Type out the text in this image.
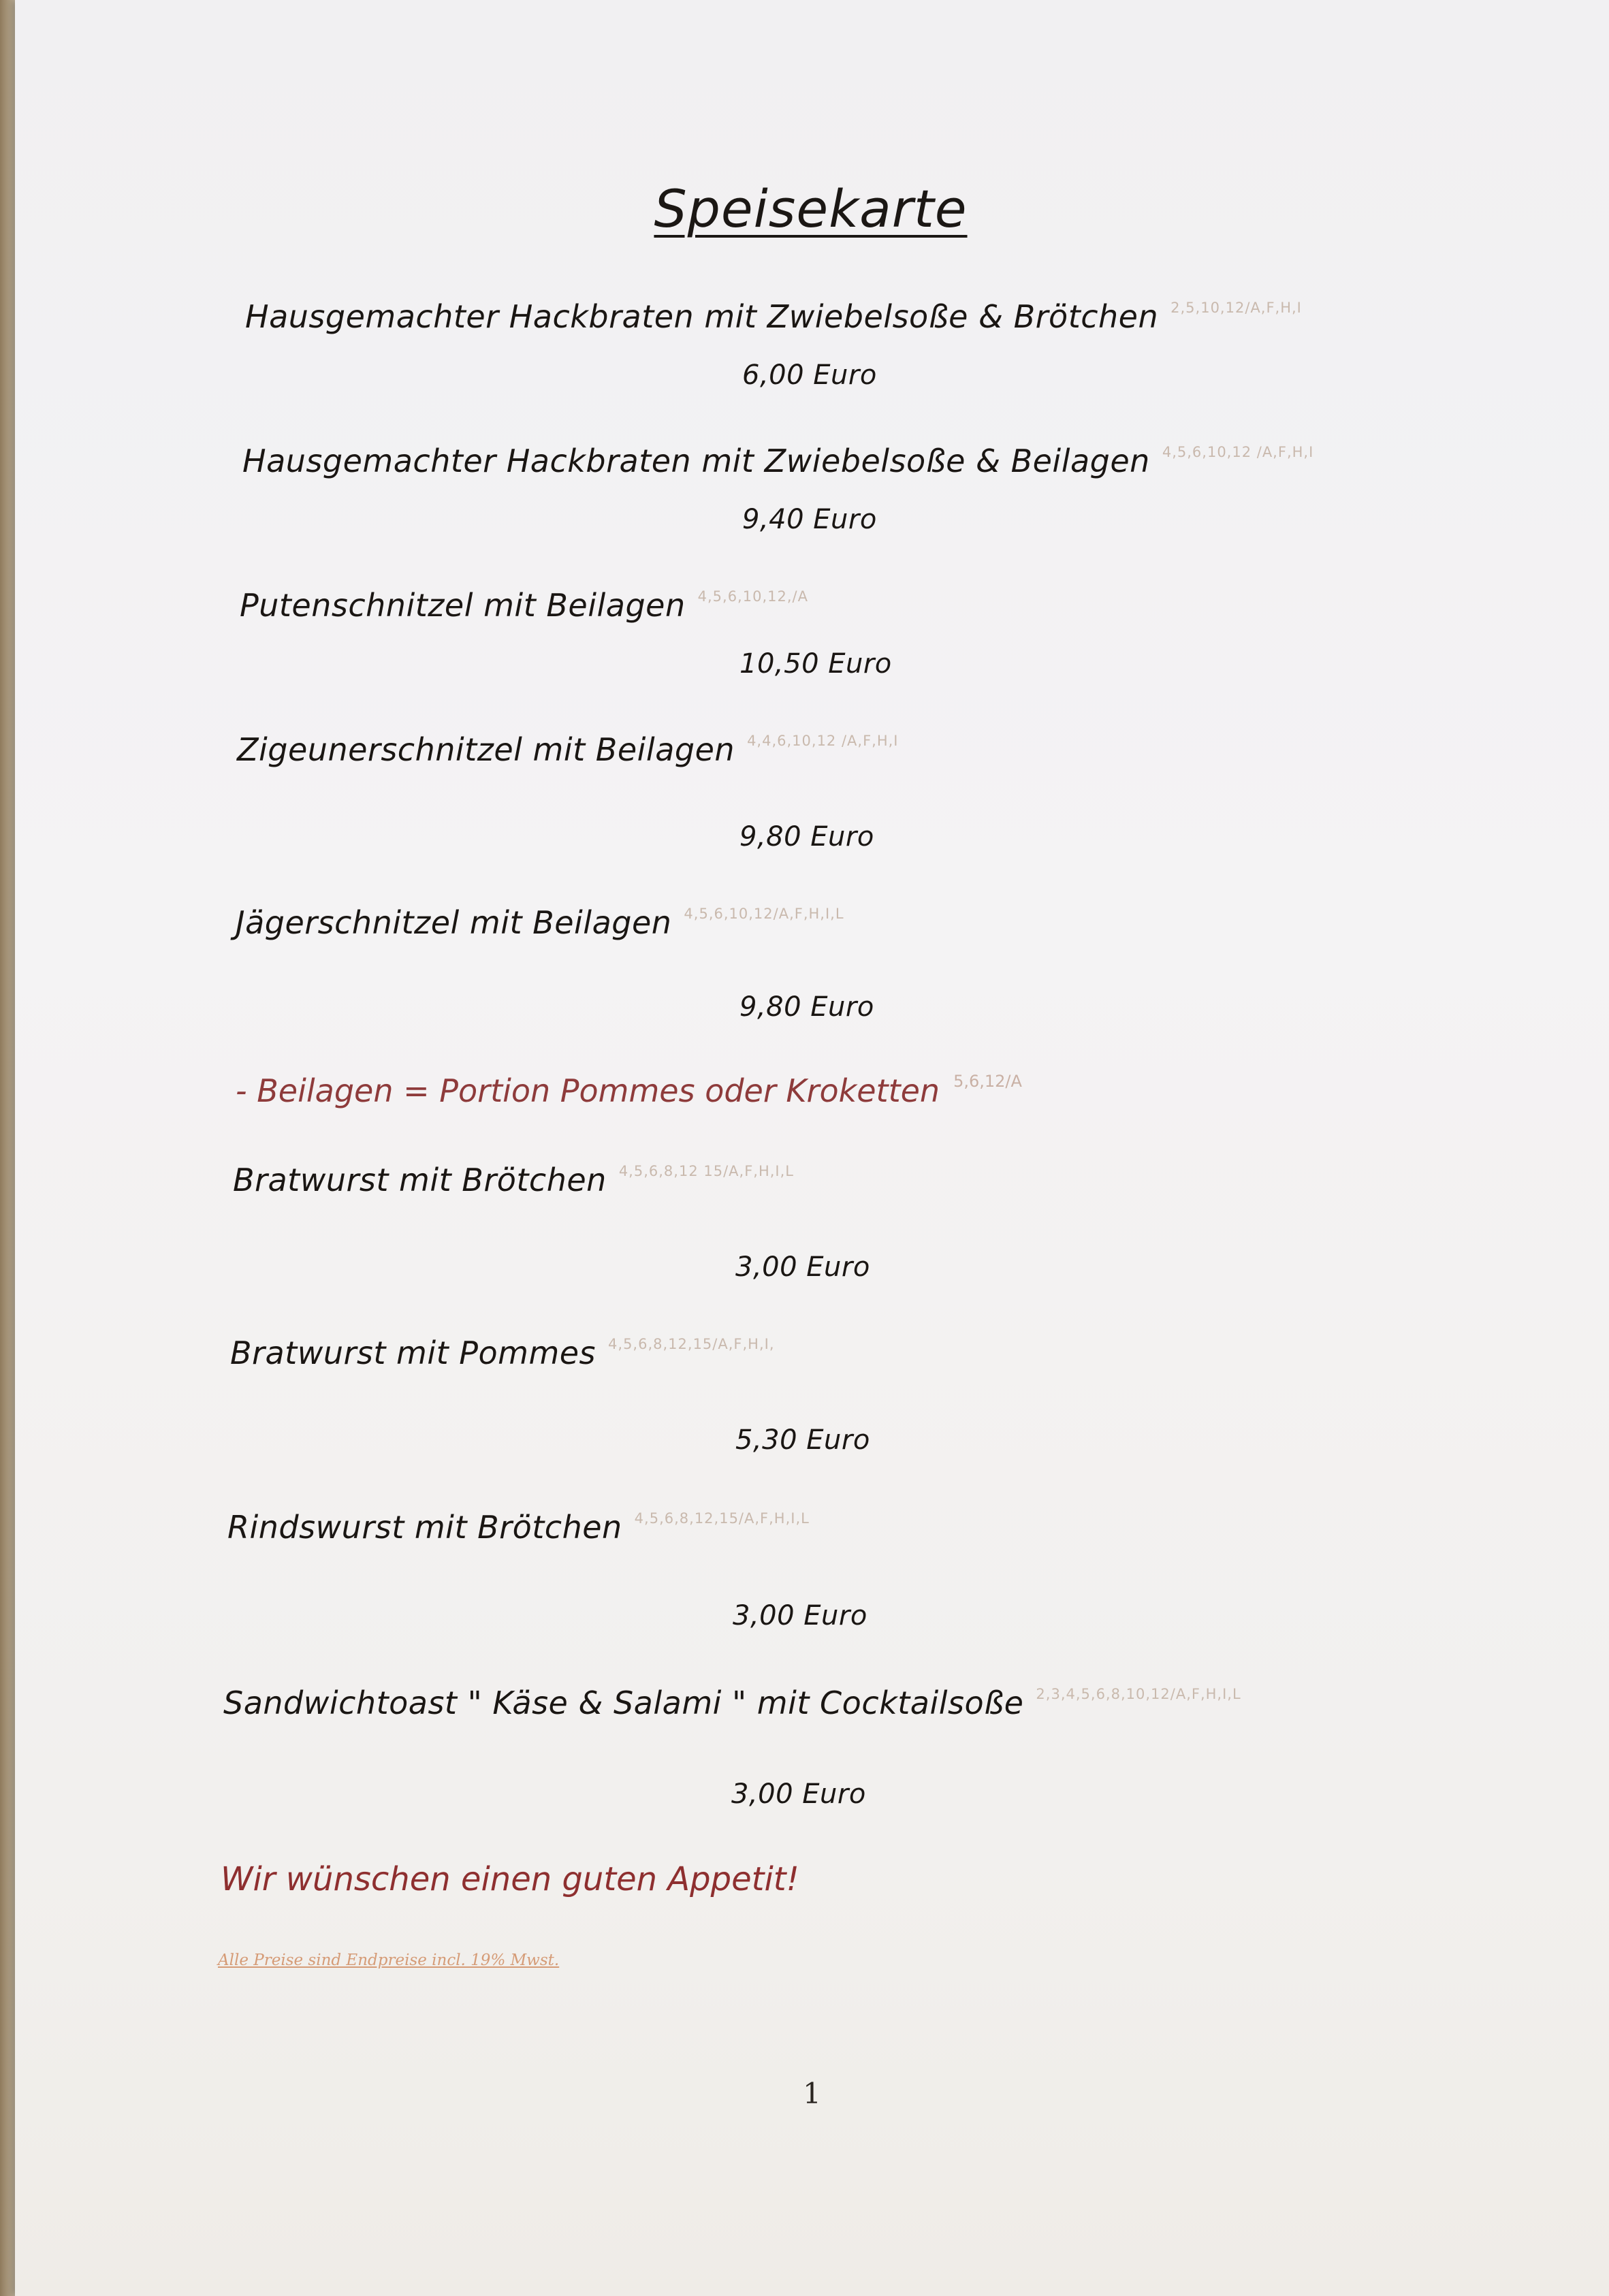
Speisekarte
Hausgemachter Hackbraten mit Zwiebelsoße & Brötchen $^{2,5,10,12/A,F,H,I}$
6,00 Euro
Hausgemachter Hackbraten mit Zwiebelsoße & Beilagen $^{4,5,6,10,12 /A,F,H,I}$
9,40 Euro
Putenschnitzel mit Beilagen $^{4,5,6,10,12,/A}$
10,50 Euro
Zigeunerschnitzel mit Beilagen $^{4,4,6,10,12 /A,F,H,I}$
9,80 Euro
Jägerschnitzel mit Beilagen $^{4,5,6,10,12/A,F,H,I,L}$
9,80 Euro
- Beilagen = Portion Pommes oder Kroketten $^{5,6,12/A}$
Bratwurst mit Brötchen $^{4,5,6,8,12 15/A,F,H,I,L}$
3,00 Euro
Bratwurst mit Pommes $^{4,5,6,8,12,15/A,F,H,I,}$
5,30 Euro
Rindswurst mit Brötchen $^{4,5,6,8,12,15/A,F,H,I,L}$
3,00 Euro
Sandwichtoast " Käse & Salami " mit Cocktailsoße $^{2,3,4,5,6,8,10,12/A,F,H,I,L}$
3,00 Euro
Wir wünschen einen guten Appetit!
Alle Preise sind Endpreise incl. 19% Mwst.
1
